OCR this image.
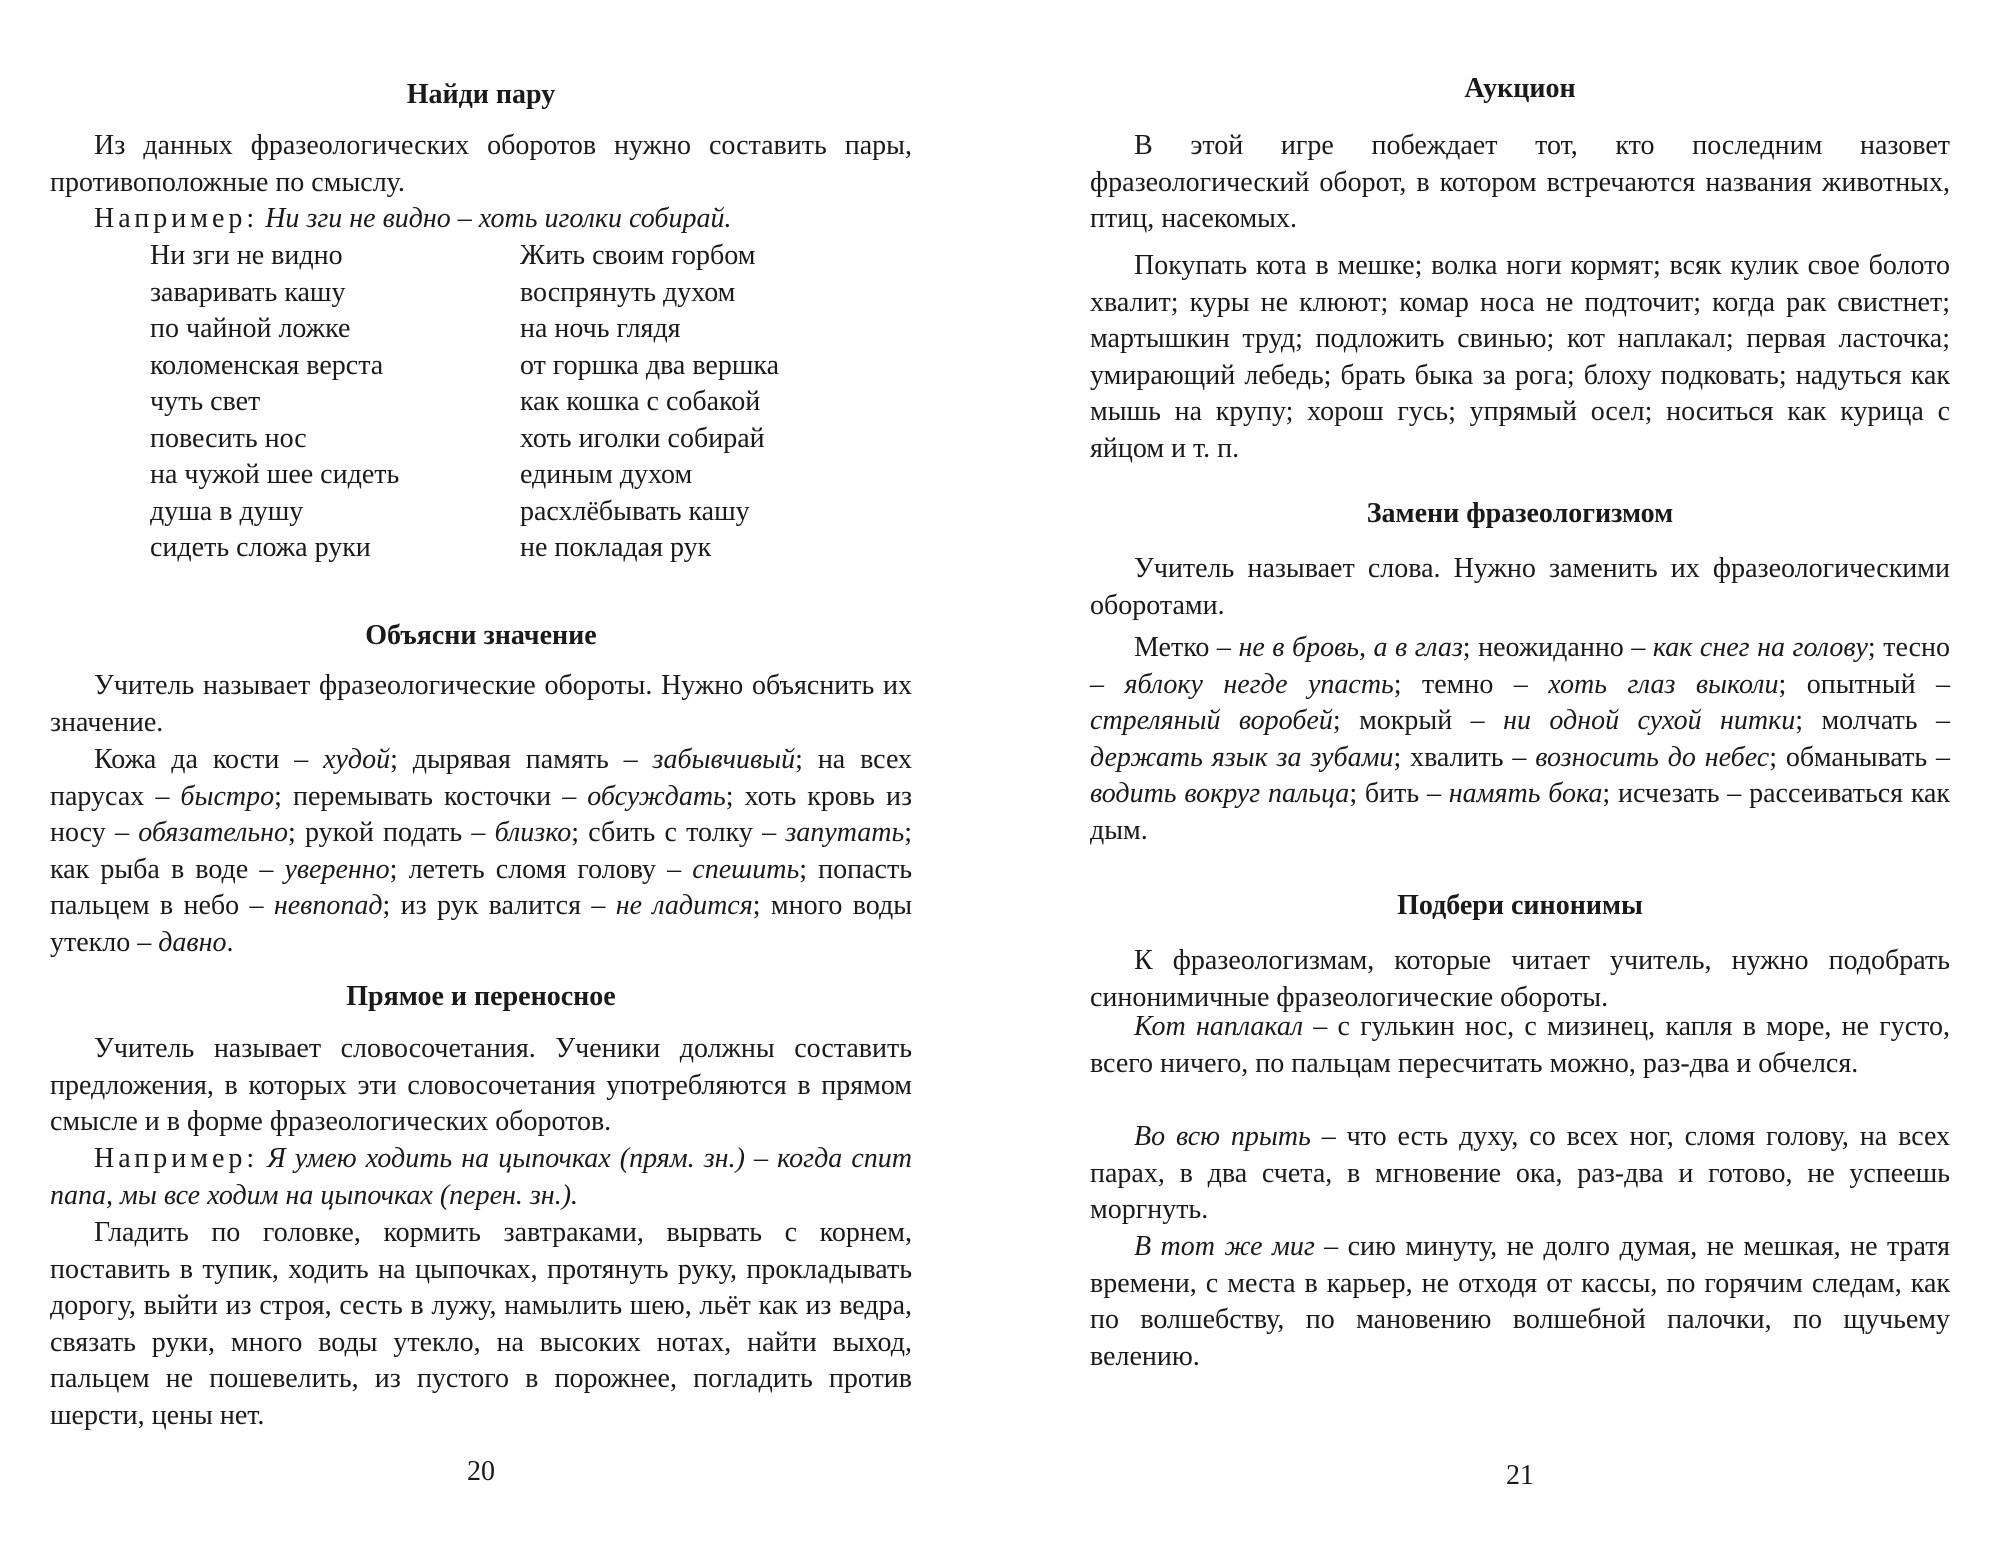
Найди пару

Из данных фразеологических оборотов нужно составить пары, противоположные по смыслу.

Например: Ни зги не видно – хоть иголки собирай.

Ни зги не видно	Жить своим горбом
заваривать кашу	воспрянуть духом
по чайной ложке	на ночь глядя
коломенская верста	от горшка два вершка
чуть свет	как кошка с собакой
повесить нос	хоть иголки собирай
на чужой шее сидеть	единым духом
душа в душу	расхлёбывать кашу
сидеть сложа руки	не покладая рук
Объясни значение

Учитель называет фразеологические обороты. Нужно объяснить их значение.

Кожа да кости – худой; дырявая память – забывчивый; на всех парусах – быстро; перемывать косточки – обсуждать; хоть кровь из носу – обязательно; рукой подать – близко; сбить с толку – запутать; как рыба в воде – уверенно; лететь сломя голову – спешить; попасть пальцем в небо – невпопад; из рук валится – не ладится; много воды утекло – давно.

Прямое и переносное

Учитель называет словосочетания. Ученики должны составить предложения, в которых эти словосочетания употребляются в прямом смысле и в форме фразеологических оборотов.

Например: Я умею ходить на цыпочках (прям. зн.) – когда спит папа, мы все ходим на цыпочках (перен. зн.).

Гладить по головке, кормить завтраками, вырвать с корнем, поставить в тупик, ходить на цыпочках, протянуть руку, прокладывать дорогу, выйти из строя, сесть в лужу, намылить шею, льёт как из ведра, связать руки, много воды утекло, на высоких нотах, найти выход, пальцем не пошевелить, из пустого в порожнее, погладить против шерсти, цены нет.

20
Аукцион

В этой игре побеждает тот, кто последним назовет фразеологический оборот, в котором встречаются названия животных, птиц, насекомых.

Покупать кота в мешке; волка ноги кормят; всяк кулик свое болото хвалит; куры не клюют; комар носа не подточит; когда рак свистнет; мартышкин труд; подложить свинью; кот наплакал; первая ласточка; умирающий лебедь; брать быка за рога; блоху подковать; надуться как мышь на крупу; хорош гусь; упрямый осел; носиться как курица с яйцом и т. п.

Замени фразеологизмом

Учитель называет слова. Нужно заменить их фразеологическими оборотами.

Метко – не в бровь, а в глаз; неожиданно – как снег на голову; тесно – яблоку негде упасть; темно – хоть глаз выколи; опытный – стреляный воробей; мокрый – ни одной сухой нитки; молчать – держать язык за зубами; хвалить – возносить до небес; обманывать – водить вокруг пальца; бить – намять бока; исчезать – рассеиваться как дым.

Подбери синонимы

К фразеологизмам, которые читает учитель, нужно подобрать синонимичные фразеологические обороты.

Кот наплакал – с гулькин нос, с мизинец, капля в море, не густо, всего ничего, по пальцам пересчитать можно, раз-два и обчелся.

Во всю прыть – что есть духу, со всех ног, сломя голову, на всех парах, в два счета, в мгновение ока, раз-два и готово, не успеешь моргнуть.

В тот же миг – сию минуту, не долго думая, не мешкая, не тратя времени, с места в карьер, не отходя от кассы, по горячим следам, как по волшебству, по мановению волшебной палочки, по щучьему велению.

21
